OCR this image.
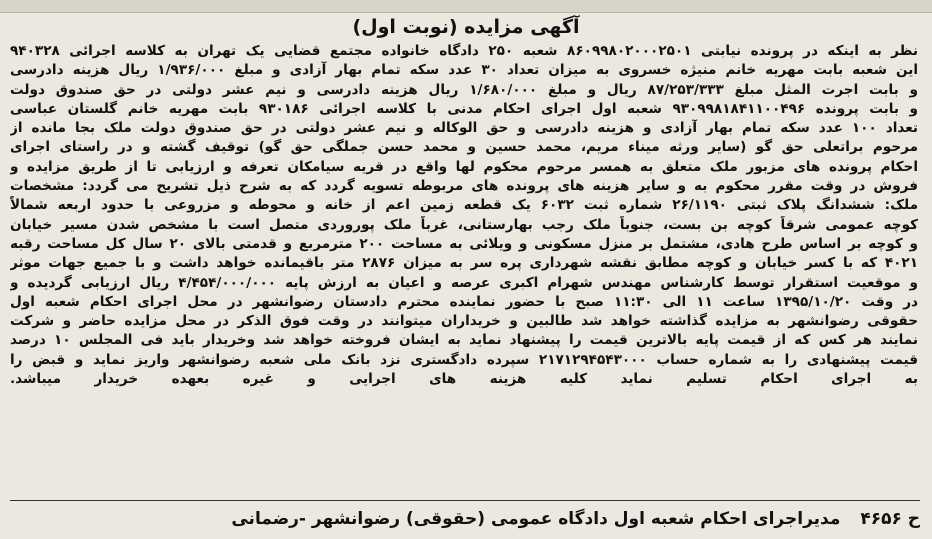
آگهی مزایده (نوبت اول)
نظر به اینکه در پرونده نیابتی ۸۶۰۹۹۸۰۲۰۰۰۲۵۰۱ شعبه ۲۵۰ دادگاه خانواده مجتمع قضایی یک تهران به کلاسه اجرائی ۹۴۰۳۲۸
این شعبه بابت مهریه خانم منیژه خسروی به میزان تعداد ۳۰ عدد سکه تمام بهار آزادی و مبلغ ۱/۹۳۶/۰۰۰ ریال هزینه دادرسی
و بابت اجرت المثل مبلغ ۸۷/۲۵۳/۳۳۳ ریال و مبلغ ۱/۶۸۰/۰۰۰ ریال هزینه دادرسی و نیم عشر دولتی در حق صندوق دولت
و بابت پرونده ۹۳۰۹۹۸۱۸۴۱۱۰۰۴۹۶ شعبه اول اجرای احکام مدنی با کلاسه اجرائی ۹۳۰۱۸۶ بابت مهریه خانم گلستان عباسی
تعداد ۱۰۰ عدد سکه تمام بهار آزادی و هزینه دادرسی و حق الوکاله و نیم عشر دولتی در حق صندوق دولت ملک بجا مانده از
مرحوم براتعلی حق گو (سایر ورثه میناء مریم، محمد حسین و محمد حسن جملگی حق گو) توقیف گشته و در راستای اجرای
احکام پرونده های مزبور ملک متعلق به همسر مرحوم محکوم لها واقع در قریه سیامکان تعرفه و ارزیابی تا از طریق مزایده و
فروش در وقت مقرر محکوم به و سایر هزینه های پرونده های مربوطه تسویه گردد که به شرح ذیل تشریح می گردد: مشخصات
ملک: ششدانگ پلاک ثبتی ۲۶/۱۱۹۰ شماره ثبت ۶۰۳۲ یک قطعه زمین اعم از خانه و محوطه و مزروعی با حدود اربعه شمالاً
کوچه عمومی شرقاً کوچه بن بست، جنوباً ملک رجب بهارستانی، غرباً ملک پوروردی متصل است با مشخص شدن مسیر خیابان
و کوچه بر اساس طرح هادی، مشتمل بر منزل مسکونی و ویلائی به مساحت ۲۰۰ مترمربع و قدمتی بالای ۲۰ سال کل مساحت رقبه
۴۰۲۱ که با کسر خیابان و کوچه مطابق نقشه شهرداری پره سر به میزان ۲۸۷۶ متر باقیمانده خواهد داشت و با جمیع جهات موثر
و موقعیت استقرار توسط کارشناس مهندس شهرام اکبری عرصه و اعیان به ارزش پایه ۴/۴۵۴/۰۰۰/۰۰۰ ریال ارزیابی گردیده و
در وقت ۱۳۹۵/۱۰/۲۰ ساعت ۱۱ الی ۱۱:۳۰ صبح با حضور نماینده محترم دادستان رضوانشهر در محل اجرای احکام شعبه اول
حقوقی رضوانشهر به مزایده گذاشته خواهد شد طالبین و خریداران میتوانند در وقت فوق الذکر در محل مزایده حاضر و شرکت
نمایند هر کس که از قیمت پایه بالاترین قیمت را پیشنهاد نماید به ایشان فروخته خواهد شد وخریدار باید فی المجلس ۱۰ درصد
قیمت پیشنهادی را به شماره حساب ۲۱۷۱۲۹۴۵۴۳۰۰۰ سپرده دادگستری نزد بانک ملی شعبه رضوانشهر واریز نماید و قبض را
به اجرای احکام تسلیم نماید کلیه هزینه های اجرایی و غیره بعهده خریدار میباشد.
ح ۴۶۵۶ مدیراجرای احکام شعبه اول دادگاه عمومی (حقوقی) رضوانشهر -رضمانی
